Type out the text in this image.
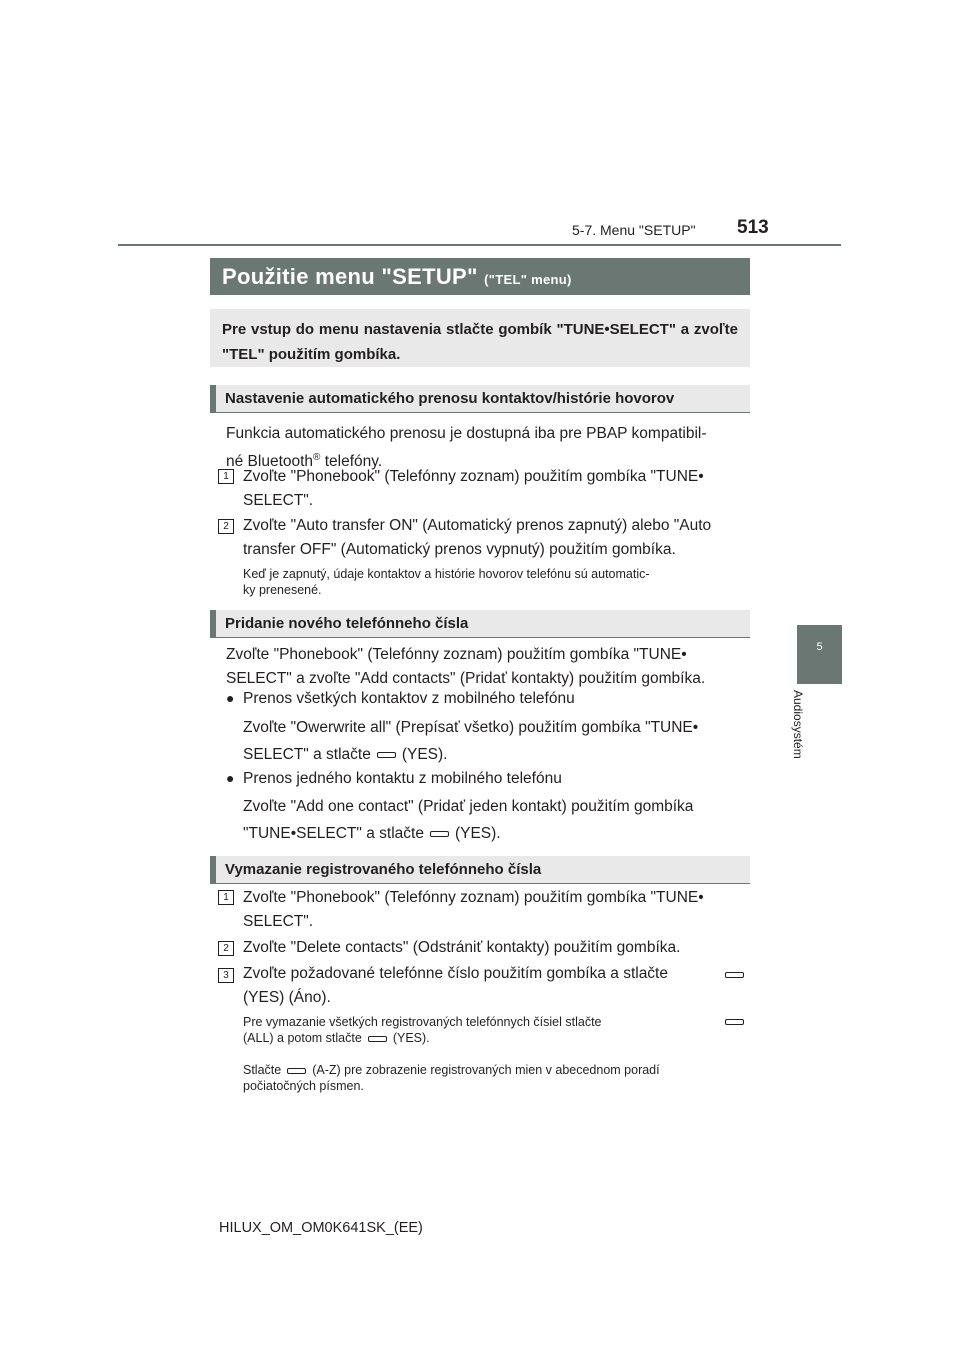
5-7. Menu "SETUP" 513
5
Audiosystém
Použitie menu "SETUP" ("TEL" menu)
Pre vstup do menu nastavenia stlačte gombík "TUNE•SELECT" a zvoľte "TEL" použitím gombíka.
Nastavenie automatického prenosu kontaktov/histórie hovorov
Funkcia automatického prenosu je dostupná iba pre PBAP kompatibil-
né Bluetooth® telefóny.
1 Zvoľte "Phonebook" (Telefónny zoznam) použitím gombíka "TUNE•
SELECT".
2 Zvoľte "Auto transfer ON" (Automatický prenos zapnutý) alebo "Auto
transfer OFF" (Automatický prenos vypnutý) použitím gombíka.
Keď je zapnutý, údaje kontaktov a histórie hovorov telefónu sú automatic-
ky prenesené.
Pridanie nového telefónneho čísla
Zvoľte "Phonebook" (Telefónny zoznam) použitím gombíka "TUNE•
SELECT" a zvoľte "Add contacts" (Pridať kontakty) použitím gombíka.
● Prenos všetkých kontaktov z mobilného telefónu
Zvoľte "Owerwrite all" (Prepísať všetko) použitím gombíka "TUNE•
SELECT" a stlačte (YES).
● Prenos jedného kontaktu z mobilného telefónu
Zvoľte "Add one contact" (Pridať jeden kontakt) použitím gombíka
"TUNE•SELECT" a stlačte (YES).
Vymazanie registrovaného telefónneho čísla
1 Zvoľte "Phonebook" (Telefónny zoznam) použitím gombíka "TUNE•
SELECT".
2 Zvoľte "Delete contacts" (Odstrániť kontakty) použitím gombíka.
3 Zvoľte požadované telefónne číslo použitím gombíka a stlačte
(YES) (Áno).
Pre vymazanie všetkých registrovaných telefónnych čísiel stlačte
(ALL) a potom stlačte (YES).
Stlačte (A-Z) pre zobrazenie registrovaných mien v abecednom poradí
počiatočných písmen.
HILUX_OM_OM0K641SK_(EE)
